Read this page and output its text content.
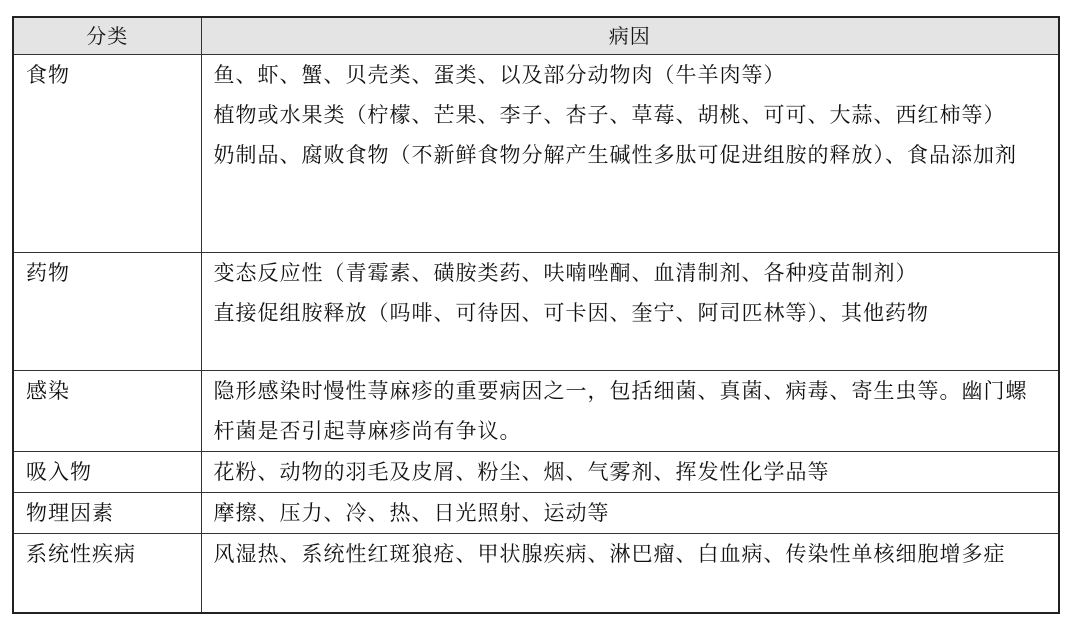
分类	病因
食物	鱼、虾、蟹、贝壳类、蛋类、以及部分动物肉（牛羊肉等）
植物或水果类（柠檬、芒果、李子、杏子、草莓、胡桃、可可、大蒜、西红柿等）
奶制品、腐败食物（不新鲜食物分解产生碱性多肽可促进组胺的释放）、食品添加剂

药物	变态反应性（青霉素、磺胺类药、呋喃唑酮、血清制剂、各种疫苗制剂）
直接促组胺释放（吗啡、可待因、可卡因、奎宁、阿司匹林等）、其他药物

感染	隐形感染时慢性荨麻疹的重要病因之一，包括细菌、真菌、病毒、寄生虫等。幽门螺杆菌是否引起荨麻疹尚有争议。

吸入物	花粉、动物的羽毛及皮屑、粉尘、烟、气雾剂、挥发性化学品等

物理因素	摩擦、压力、冷、热、日光照射、运动等

系统性疾病	风湿热、系统性红斑狼疮、甲状腺疾病、淋巴瘤、白血病、传染性单核细胞增多症
